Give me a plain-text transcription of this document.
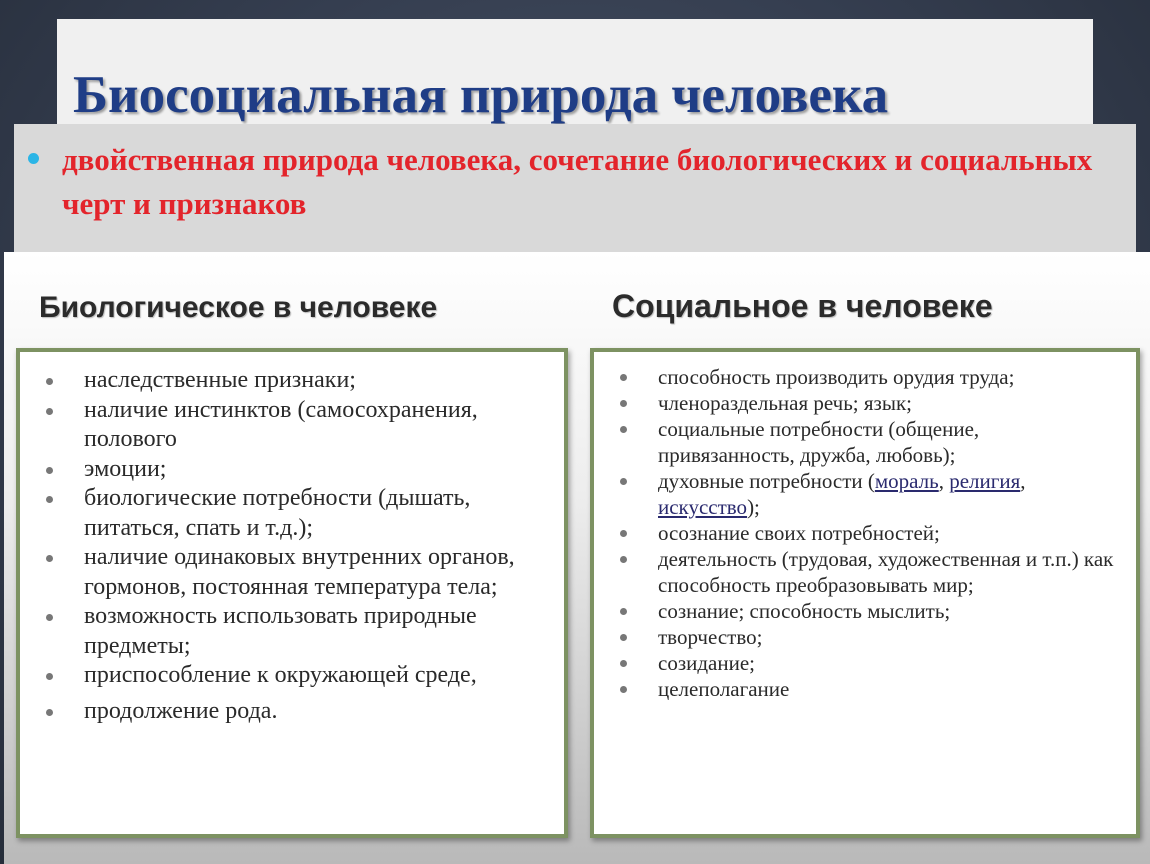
Биосоциальная природа человека

двойственная природа человека, сочетание биологических и социальных черт и признаков

Биологическое в человеке	Социальное в человеке
наследственные признаки;
наличие инстинктов (самосохранения, полового
эмоции;
биологические потребности (дышать, питаться, спать и т.д.);
наличие одинаковых внутренних органов, гормонов, постоянная температура тела;
возможность использовать природные предметы;
приспособление к окружающей среде,
продолжение рода.
способность производить орудия труда;
членораздельная речь; язык;
социальные потребности (общение, привязанность, дружба, любовь);
духовные потребности (мораль, религия, искусство);
осознание своих потребностей;
деятельность (трудовая, художественная и т.п.) как способность преобразовывать мир;
сознание; способность мыслить;
творчество;
созидание;
целеполагание
